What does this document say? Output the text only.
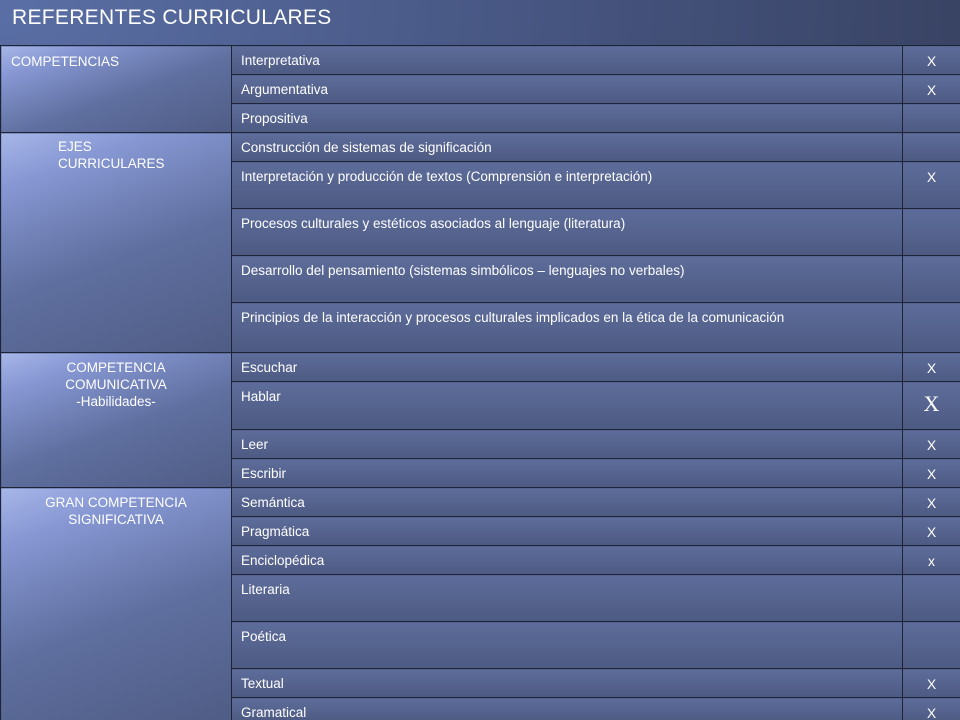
REFERENTES CURRICULARES
COMPETENCIAS	Interpretativa	X
	Argumentativa	X
	Propositiva	

EJES
CURRICULARES	Construcción de sistemas de significación	
	Interpretación y producción de textos (Comprensión e interpretación)	X
	Procesos culturales y estéticos asociados al lenguaje (literatura)	
	Desarrollo del pensamiento (sistemas simbólicos – lenguajes no verbales)	
	Principios de la interacción y procesos culturales implicados en la ética de la comunicación	

COMPETENCIA
COMUNICATIVA
-Habilidades-	Escuchar	X
	Hablar	X
	Leer	X
	Escribir	X

GRAN COMPETENCIA
SIGNIFICATIVA	Semántica	X
	Pragmática	X
	Enciclopédica	x
	Literaria	
	Poética	
	Textual	X
	Gramatical	X
